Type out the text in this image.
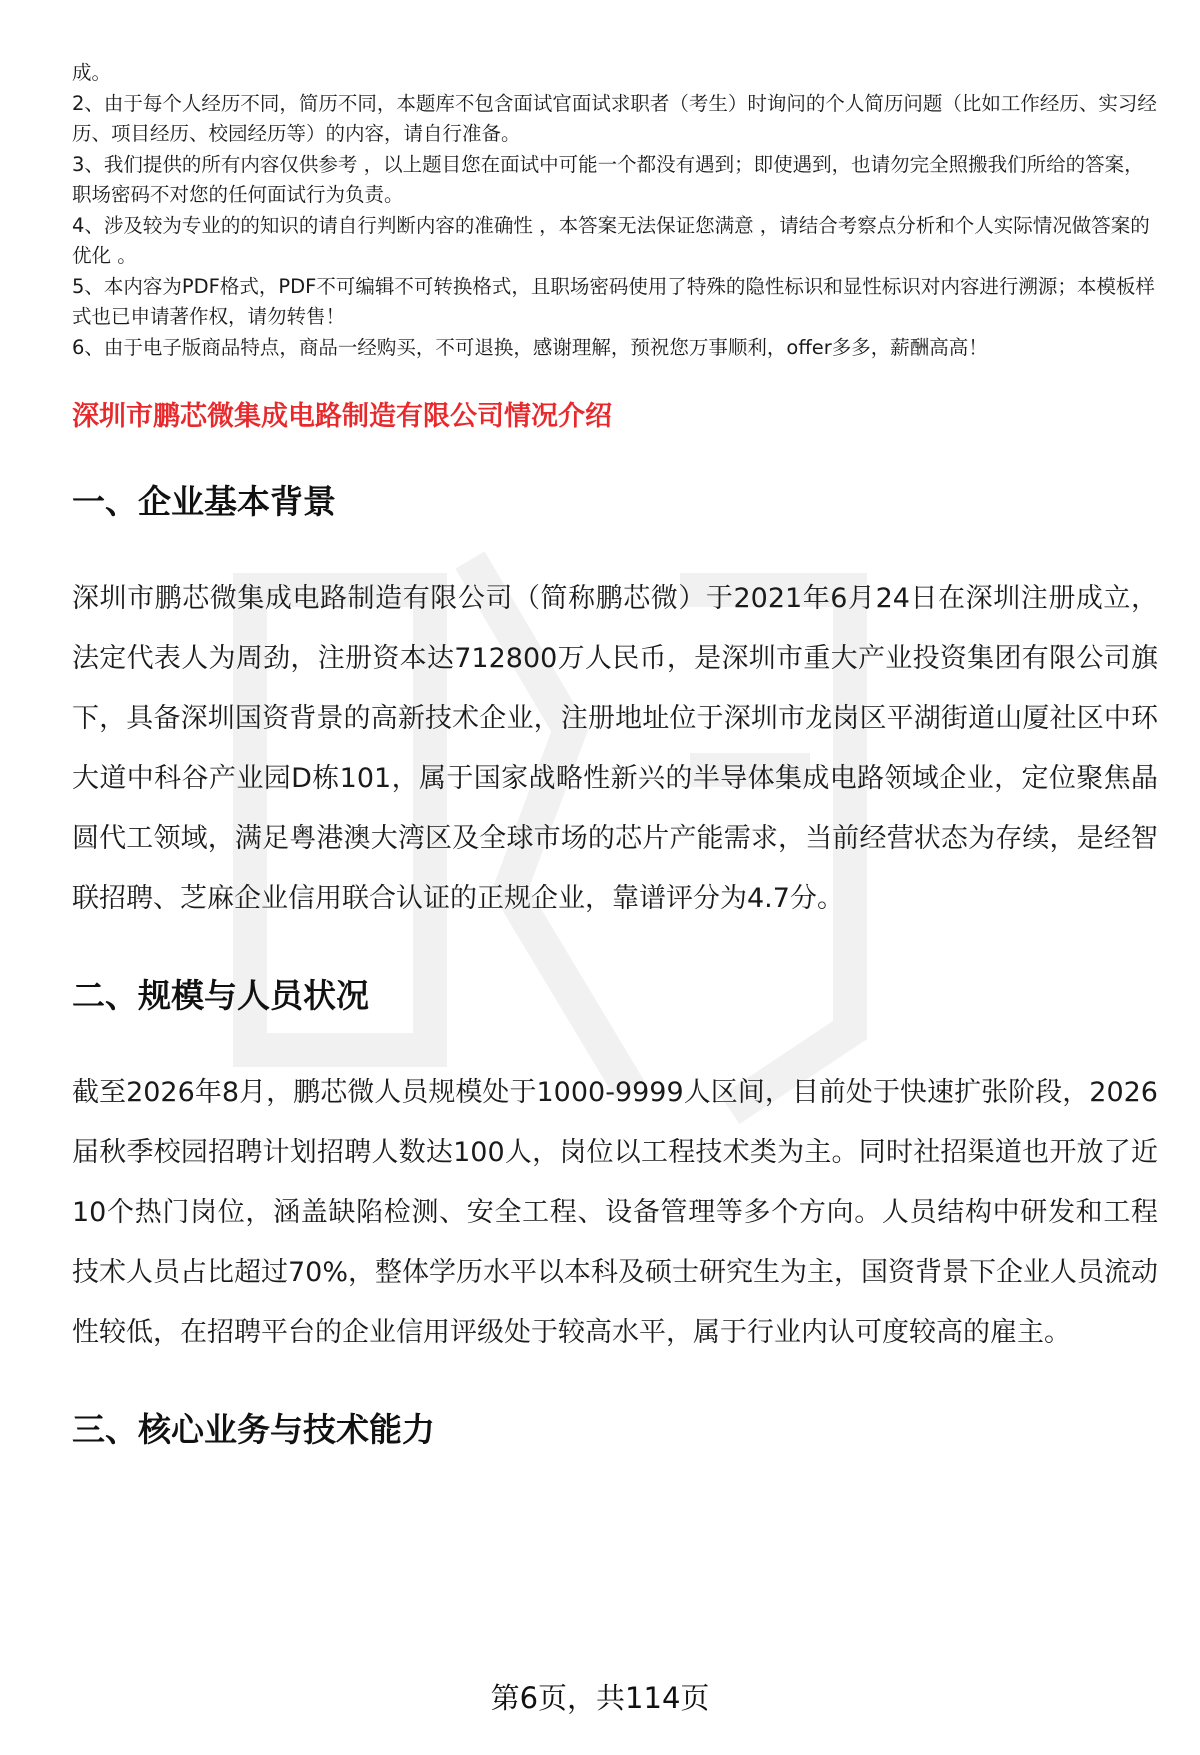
成。

2、由于每个人经历不同，简历不同，本题库不包含面试官面试求职者（考生）时询问的个人简历问题（比如工作经历、实习经历、项目经历、校园经历等）的内容，请自行准备。

3、我们提供的所有内容仅供参考 ，以上题目您在面试中可能一个都没有遇到；即使遇到，也请勿完全照搬我们所给的答案，职场密码不对您的任何面试行为负责。

4、涉及较为专业的的知识的请自行判断内容的准确性 ，本答案无法保证您满意 ，请结合考察点分析和个人实际情况做答案的优化 。

5、本内容为PDF格式，PDF不可编辑不可转换格式，且职场密码使用了特殊的隐性标识和显性标识对内容进行溯源；本模板样式也已申请著作权，请勿转售！

6、由于电子版商品特点，商品一经购买，不可退换，感谢理解，预祝您万事顺利，offer多多，薪酬高高！

深圳市鹏芯微集成电路制造有限公司情况介绍
一、企业基本背景

深圳市鹏芯微集成电路制造有限公司（简称鹏芯微）于2021年6月24日在深圳注册成立，法定代表人为周劲，注册资本达712800万人民币，是深圳市重大产业投资集团有限公司旗下，具备深圳国资背景的高新技术企业，注册地址位于深圳市龙岗区平湖街道山厦社区中环大道中科谷产业园D栋101，属于国家战略性新兴的半导体集成电路领域企业，定位聚焦晶圆代工领域，满足粤港澳大湾区及全球市场的芯片产能需求，当前经营状态为存续，是经智联招聘、芝麻企业信用联合认证的正规企业，靠谱评分为4.7分。

二、规模与人员状况

截至2026年8月，鹏芯微人员规模处于1000-9999人区间，目前处于快速扩张阶段，2026届秋季校园招聘计划招聘人数达100人，岗位以工程技术类为主。同时社招渠道也开放了近10个热门岗位，涵盖缺陷检测、安全工程、设备管理等多个方向。人员结构中研发和工程技术人员占比超过70%，整体学历水平以本科及硕士研究生为主，国资背景下企业人员流动性较低，在招聘平台的企业信用评级处于较高水平，属于行业内认可度较高的雇主。

三、核心业务与技术能力
第6页，共114页
